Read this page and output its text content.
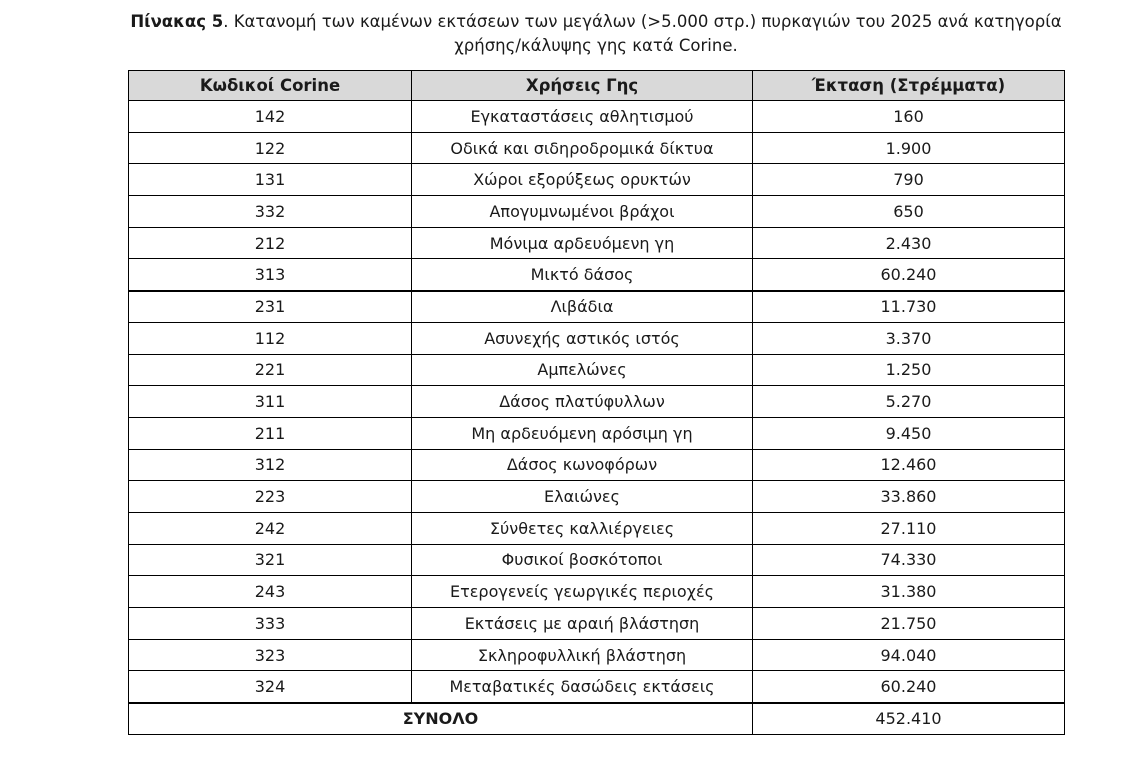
Πίνακας 5. Κατανομή των καμένων εκτάσεων των μεγάλων (>5.000 στρ.) πυρκαγιών του 2025 ανά κατηγορία χρήσης/κάλυψης γης κατά Corine.
Κωδικοί Corine	Χρήσεις Γης	Έκταση (Στρέμματα)
142	Εγκαταστάσεις αθλητισμού	160
122	Οδικά και σιδηροδρομικά δίκτυα	1.900
131	Χώροι εξορύξεως ορυκτών	790
332	Απογυμνωμένοι βράχοι	650
212	Μόνιμα αρδευόμενη γη	2.430
313	Μικτό δάσος	60.240
231	Λιβάδια	11.730
112	Ασυνεχής αστικός ιστός	3.370
221	Αμπελώνες	1.250
311	Δάσος πλατύφυλλων	5.270
211	Μη αρδευόμενη αρόσιμη γη	9.450
312	Δάσος κωνοφόρων	12.460
223	Ελαιώνες	33.860
242	Σύνθετες καλλιέργειες	27.110
321	Φυσικοί βοσκότοποι	74.330
243	Ετερογενείς γεωργικές περιοχές	31.380
333	Εκτάσεις με αραιή βλάστηση	21.750
323	Σκληροφυλλική βλάστηση	94.040
324	Μεταβατικές δασώδεις εκτάσεις	60.240
ΣΥΝΟΛΟ		452.410
